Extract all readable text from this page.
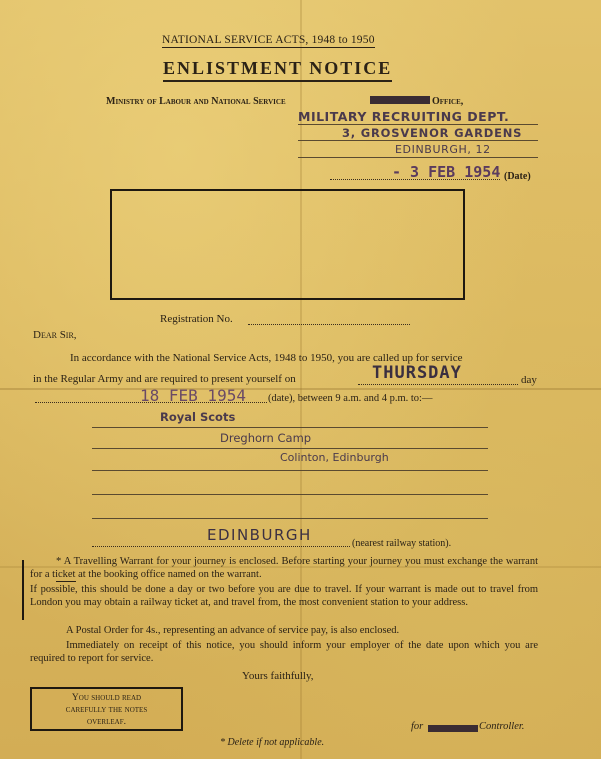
NATIONAL SERVICE ACTS, 1948 to 1950
ENLISTMENT NOTICE
Ministry of Labour and National Service	Office,
MILITARY RECRUITING DEPT.
3, GROSVENOR GARDENS
EDINBURGH, 12
- 3 FEB 1954 (Date)
Registration No.
Dear Sir,
In accordance with the National Service Acts, 1948 to 1950, you are called up for service
in the Regular Army and are required to present yourself on	THURSDAY	day
18 FEB 1954 (date), between 9 a.m. and 4 p.m. to:—
Royal Scots
Dreghorn Camp
Colinton, Edinburgh
EDINBURGH	(nearest railway station).
* A Travelling Warrant for your journey is enclosed. Before starting your journey you must exchange the warrant for a ticket at the booking office named on the warrant.
If possible, this should be done a day or two before you are due to travel. If your warrant is made out to travel from London you may obtain a railway ticket at, and travel from, the most convenient station to your address.
A Postal Order for 4s., representing an advance of service pay, is also enclosed.
Immediately on receipt of this notice, you should inform your employer of the date upon which you are required to report for service.
Yours faithfully,
You should read
carefully the notes
overleaf.	for	Controller.
* Delete if not applicable.
